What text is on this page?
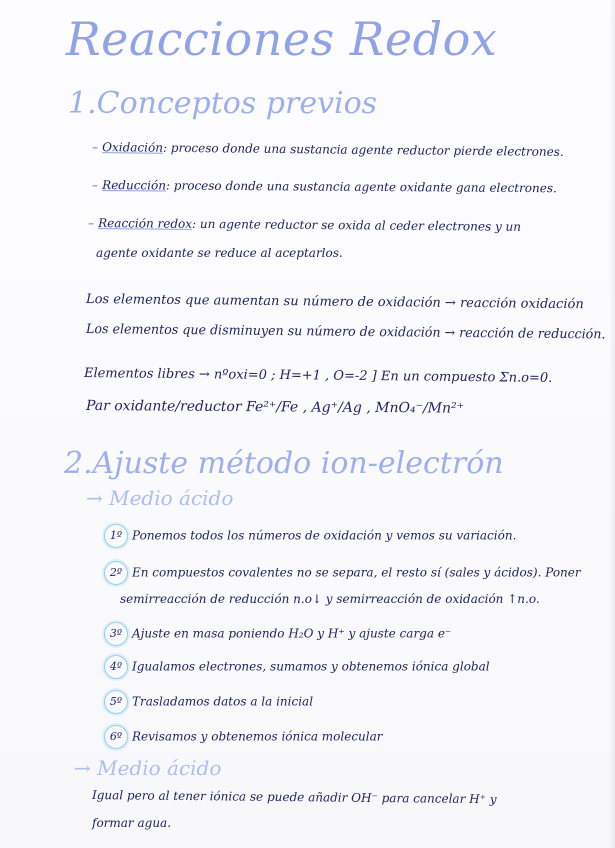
Reacciones Redox
1.Conceptos previos
– Oxidación: proceso donde una sustancia agente reductor pierde electrones.
– Reducción: proceso donde una sustancia agente oxidante gana electrones.
– Reacción redox: un agente reductor se oxida al ceder electrones y un
agente oxidante se reduce al aceptarlos.
Los elementos que aumentan su número de oxidación → reacción oxidación
Los elementos que disminuyen su número de oxidación → reacción de reducción.
Elementos libres → nºoxi=0 ; H=+1 , O=-2 ] En un compuesto Σn.o=0.
Par oxidante/reductor Fe²⁺/Fe , Ag⁺/Ag , MnO₄⁻/Mn²⁺
2.Ajuste método ion-electrón
→ Medio ácido
1º Ponemos todos los números de oxidación y vemos su variación.
2º En compuestos covalentes no se separa, el resto sí (sales y ácidos). Poner
semirreacción de reducción n.o↓ y semirreacción de oxidación ↑n.o.
3º Ajuste en masa poniendo H₂O y H⁺ y ajuste carga e⁻
4º Igualamos electrones, sumamos y obtenemos iónica global
5º Trasladamos datos a la inicial
6º Revisamos y obtenemos iónica molecular
→ Medio ácido
Igual pero al tener iónica se puede añadir OH⁻ para cancelar H⁺ y
formar agua.
